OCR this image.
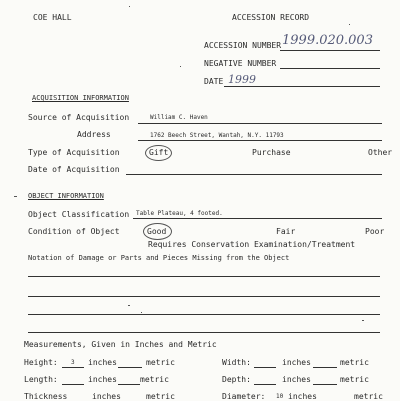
COE HALL	ACCESSION RECORD
ACCESSION NUMBER 1999.020.003
NEGATIVE NUMBER
DATE 1999
ACQUISITION INFORMATION
Source of Acquisition	William C. Haven
Address	1762 Beech Street, Wantah, N.Y. 11793
Type of Acquisition	Gift	Purchase	Other
Date of Acquisition
OBJECT INFORMATION
Object Classification Table Plateau, 4 footed.
Condition of Object	Good	Fair	Poor
Requires Conservation Examination/Treatment
Notation of Damage or Parts and Pieces Missing from the Object
Measurements, Given in Inches and Metric
Height: 3 inches	metric	Width:	inches	metric
Length:	inches	metric	Depth:	inches	metric
Thickness	inches	metric	Diameter: 10 inches	metric
